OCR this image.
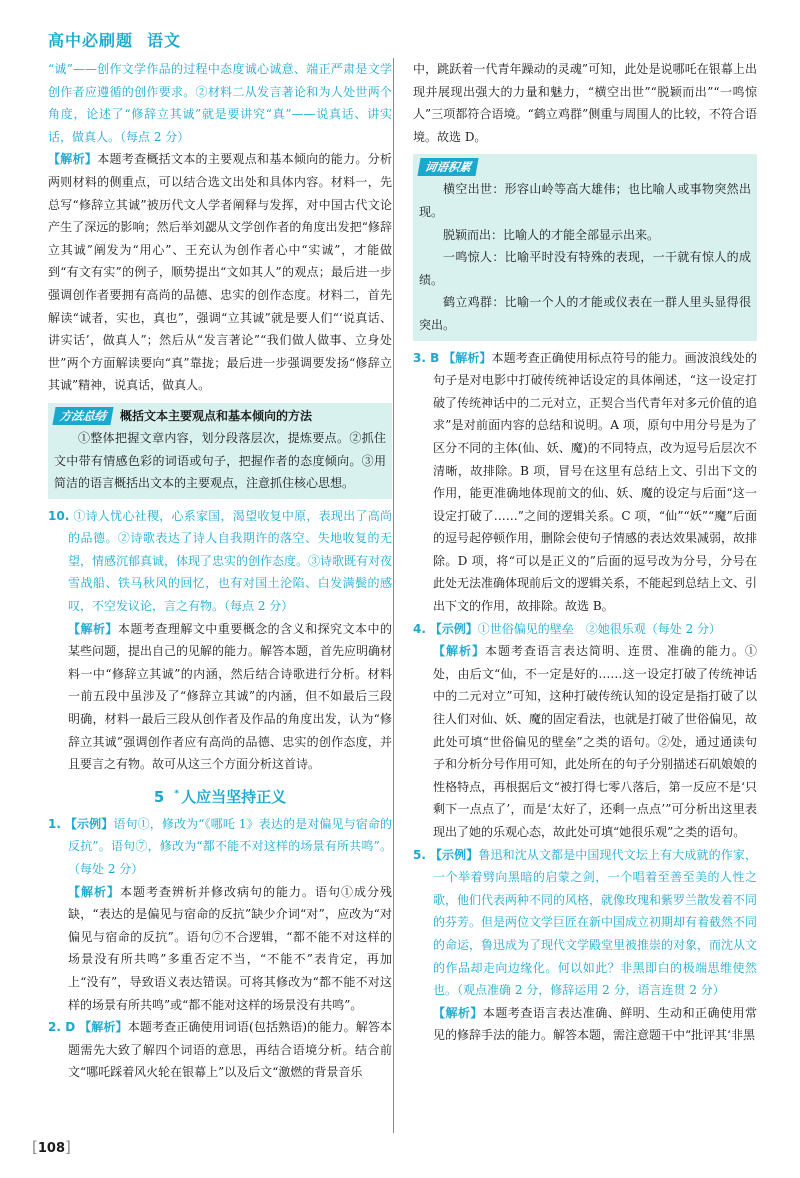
高中必刷题 语文

“诚”——创作文学作品的过程中态度诚心诚意、端正严肃是文学创作者应遵循的创作要求。②材料二从发言著论和为人处世两个角度，论述了“修辞立其诚”就是要讲究“真”——说真话、讲实话，做真人。（每点 2 分）

【解析】本题考查概括文本的主要观点和基本倾向的能力。分析两则材料的侧重点，可以结合选文出处和具体内容。材料一，先总写“修辞立其诚”被历代文人学者阐释与发挥，对中国古代文论产生了深远的影响；然后举刘勰从文学创作者的角度出发把“修辞立其诚”阐发为“用心”、王充认为创作者心中“实诚”，才能做到“有文有实”的例子，顺势提出“文如其人”的观点；最后进一步强调创作者要拥有高尚的品德、忠实的创作态度。材料二，首先解读“诚者，实也，真也”，强调“立其诚”就是要人们“‘说真话、讲实话’，做真人”；然后从“发言著论”“我们做人做事、立身处世”两个方面解读要向“真”靠拢；最后进一步强调要发扬“修辞立其诚”精神，说真话，做真人。

方法总结 概括文本主要观点和基本倾向的方法

①整体把握文章内容，划分段落层次，提炼要点。②抓住文中带有情感色彩的词语或句子，把握作者的态度倾向。③用简洁的语言概括出文本的主要观点，注意抓住核心思想。

10. ①诗人忧心社稷，心系家国，渴望收复中原，表现出了高尚的品德。②诗歌表达了诗人自我期许的落空、失地收复的无望，情感沉郁真诚，体现了忠实的创作态度。③诗歌既有对夜雪战船、铁马秋风的回忆，也有对国土沦陷、白发满鬓的感叹，不空发议论，言之有物。（每点 2 分）

【解析】本题考查理解文中重要概念的含义和探究文本中的某些问题，提出自己的见解的能力。解答本题，首先应明确材料一中“修辞立其诚”的内涵，然后结合诗歌进行分析。材料一前五段中虽涉及了“修辞立其诚”的内涵，但不如最后三段明确，材料一最后三段从创作者及作品的角度出发，认为“修辞立其诚”强调创作者应有高尚的品德、忠实的创作态度，并且要言之有物。故可从这三个方面分析这首诗。

5 * 人应当坚持正义

1. 【示例】语句①，修改为“《哪吒 1》表达的是对偏见与宿命的反抗”。语句⑦，修改为“都不能不对这样的场景有所共鸣”。（每处 2 分）

【解析】本题考查辨析并修改病句的能力。语句①成分残缺，“表达的是偏见与宿命的反抗”缺少介词“对”，应改为“对偏见与宿命的反抗”。语句⑦不合逻辑，“都不能不对这样的场景没有所共鸣”多重否定不当，“不能不”表肯定，再加上“没有”，导致语义表达错误。可将其修改为“都不能不对这样的场景有所共鸣”或“都不能对这样的场景没有共鸣”。

2. D 【解析】本题考查正确使用词语(包括熟语)的能力。解答本题需先大致了解四个词语的意思，再结合语境分析。结合前文“哪吒踩着风火轮在银幕上”以及后文“激燃的背景音乐

中，跳跃着一代青年躁动的灵魂”可知，此处是说哪吒在银幕上出现并展现出强大的力量和魅力，“横空出世”“脱颖而出”“一鸣惊人”三项都符合语境。“鹤立鸡群”侧重与周围人的比较，不符合语境。故选 D。

词语积累

横空出世：形容山岭等高大雄伟；也比喻人或事物突然出现。

脱颖而出：比喻人的才能全部显示出来。

一鸣惊人：比喻平时没有特殊的表现，一干就有惊人的成绩。

鹤立鸡群：比喻一个人的才能或仪表在一群人里头显得很突出。

3. B 【解析】本题考查正确使用标点符号的能力。画波浪线处的句子是对电影中打破传统神话设定的具体阐述，“这一设定打破了传统神话中的二元对立，正契合当代青年对多元价值的追求”是对前面内容的总结和说明。A 项，原句中用分号是为了区分不同的主体(仙、妖、魔)的不同特点，改为逗号后层次不清晰，故排除。B 项，冒号在这里有总结上文、引出下文的作用，能更准确地体现前文的仙、妖、魔的设定与后面“这一设定打破了……”之间的逻辑关系。C 项，“仙”“妖”“魔”后面的逗号起停顿作用，删除会使句子情感的表达效果减弱，故排除。D 项，将“可以是正义的”后面的逗号改为分号，分号在此处无法准确体现前后文的逻辑关系，不能起到总结上文、引出下文的作用，故排除。故选 B。

4. 【示例】①世俗偏见的壁垒　②她很乐观（每处 2 分）

【解析】本题考查语言表达简明、连贯、准确的能力。①处，由后文“仙，不一定是好的……这一设定打破了传统神话中的二元对立”可知，这种打破传统认知的设定是指打破了以往人们对仙、妖、魔的固定看法，也就是打破了世俗偏见，故此处可填“世俗偏见的壁垒”之类的语句。②处，通过通读句子和分析分号作用可知，此处所在的句子分别描述石矶娘娘的性格特点，再根据后文“被打得七零八落后，第一反应不是‘只剩下一点点了’，而是‘太好了，还剩一点点’”可分析出这里表现出了她的乐观心态，故此处可填“她很乐观”之类的语句。

5. 【示例】鲁迅和沈从文都是中国现代文坛上有大成就的作家，一个举着劈向黑暗的启蒙之剑，一个唱着至善至美的人性之歌，他们代表两种不同的风格，就像玫瑰和紫罗兰散发着不同的芬芳。但是两位文学巨匠在新中国成立初期却有着截然不同的命运，鲁迅成为了现代文学殿堂里被推崇的对象，而沈从文的作品却走向边缘化。何以如此？非黑即白的极端思维使然也。（观点准确 2 分，修辞运用 2 分，语言连贯 2 分）

【解析】本题考查语言表达准确、鲜明、生动和正确使用常见的修辞手法的能力。解答本题，需注意题干中“批评其‘非黑

[108]
